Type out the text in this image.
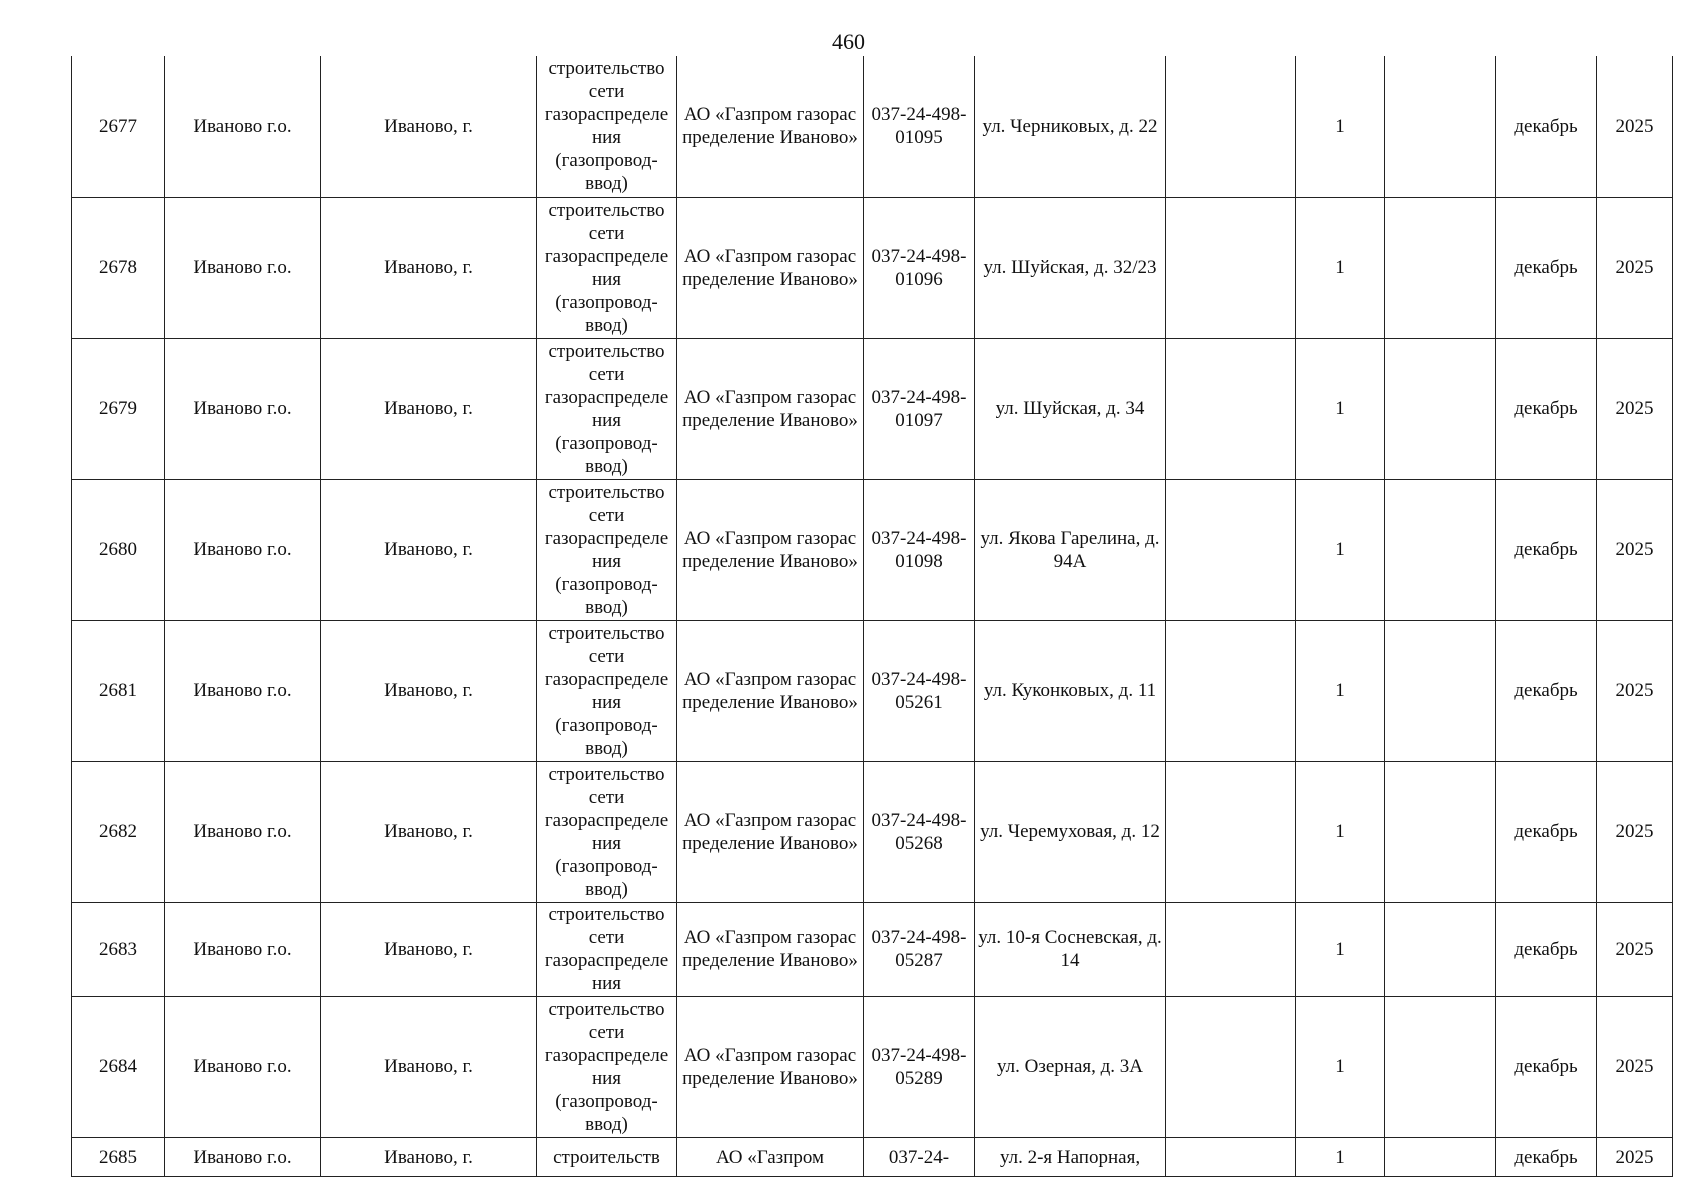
460
2677	Иваново г.о.	Иваново, г.	строительство сети газораспределения (газопровод-ввод)	АО «Газпром газораспределение Иваново»	037-24-498-01095	ул. Черниковых, д. 22		1		декабрь	2025
2678	Иваново г.о.	Иваново, г.	строительство сети газораспределения (газопровод-ввод)	АО «Газпром газораспределение Иваново»	037-24-498-01096	ул. Шуйская, д. 32/23		1		декабрь	2025
2679	Иваново г.о.	Иваново, г.	строительство сети газораспределения (газопровод-ввод)	АО «Газпром газораспределение Иваново»	037-24-498-01097	ул. Шуйская, д. 34		1		декабрь	2025
2680	Иваново г.о.	Иваново, г.	строительство сети газораспределения (газопровод-ввод)	АО «Газпром газораспределение Иваново»	037-24-498-01098	ул. Якова Гарелина, д. 94А		1		декабрь	2025
2681	Иваново г.о.	Иваново, г.	строительство сети газораспределения (газопровод-ввод)	АО «Газпром газораспределение Иваново»	037-24-498-05261	ул. Куконковых, д. 11		1		декабрь	2025
2682	Иваново г.о.	Иваново, г.	строительство сети газораспределения (газопровод-ввод)	АО «Газпром газораспределение Иваново»	037-24-498-05268	ул. Черемуховая, д. 12		1		декабрь	2025
2683	Иваново г.о.	Иваново, г.	строительство сети газораспределения	АО «Газпром газораспределение Иваново»	037-24-498-05287	ул. 10-я Сосневская, д. 14		1		декабрь	2025
2684	Иваново г.о.	Иваново, г.	строительство сети газораспределения (газопровод-ввод)	АО «Газпром газораспределение Иваново»	037-24-498-05289	ул. Озерная, д. 3А		1		декабрь	2025
2685	Иваново г.о.	Иваново, г.	строительств	АО «Газпром	037-24-	ул. 2-я Напорная,		1		декабрь	2025
